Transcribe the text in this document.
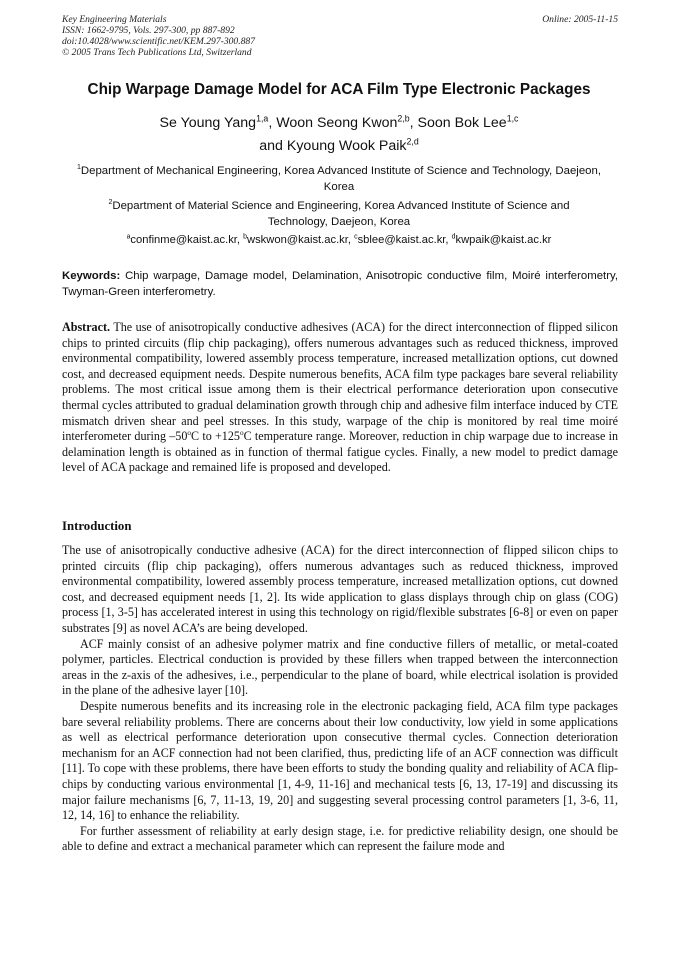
Key Engineering Materials
ISSN: 1662-9795, Vols. 297-300, pp 887-892
doi:10.4028/www.scientific.net/KEM.297-300.887
© 2005 Trans Tech Publications Ltd, Switzerland
Online: 2005-11-15
Chip Warpage Damage Model for ACA Film Type Electronic Packages
Se Young Yang$^{1,a}$, Woon Seong Kwon$^{2,b}$, Soon Bok Lee$^{1,c}$
and Kyoung Wook Paik$^{2,d}$
$^1$Department of Mechanical Engineering, Korea Advanced Institute of Science and Technology, Daejeon, Korea
$^2$Department of Material Science and Engineering, Korea Advanced Institute of Science and Technology, Daejeon, Korea
$^a$confinme@kaist.ac.kr, $^b$wskwon@kaist.ac.kr, $^c$sblee@kaist.ac.kr, $^d$kwpaik@kaist.ac.kr
Keywords: Chip warpage, Damage model, Delamination, Anisotropic conductive film, Moiré interferometry, Twyman-Green interferometry.
Abstract. The use of anisotropically conductive adhesives (ACA) for the direct interconnection of flipped silicon chips to printed circuits (flip chip packaging), offers numerous advantages such as reduced thickness, improved environmental compatibility, lowered assembly process temperature, increased metallization options, cut downed cost, and decreased equipment needs. Despite numerous benefits, ACA film type packages bare several reliability problems. The most critical issue among them is their electrical performance deterioration upon consecutive thermal cycles attributed to gradual delamination growth through chip and adhesive film interface induced by CTE mismatch driven shear and peel stresses. In this study, warpage of the chip is monitored by real time moiré interferometer during –50$^o$C to $+125^oC$ temperature range. Moreover, reduction in chip warpage due to increase in delamination length is obtained as in function of thermal fatigue cycles. Finally, a new model to predict damage level of ACA package and remained life is proposed and developed.
Introduction

The use of anisotropically conductive adhesive (ACA) for the direct interconnection of flipped silicon chips to printed circuits (flip chip packaging), offers numerous advantages such as reduced thickness, improved environmental compatibility, lowered assembly process temperature, increased metallization options, cut downed cost, and decreased equipment needs [1, 2]. Its wide application to glass displays through chip on glass (COG) process [1, 3-5] has accelerated interest in using this technology on rigid/flexible substrates [6-8] or even on paper substrates [9] as novel ACA’s are being developed.

ACF mainly consist of an adhesive polymer matrix and fine conductive fillers of metallic, or metal-coated polymer, particles. Electrical conduction is provided by these fillers when trapped between the interconnection areas in the z-axis of the adhesives, i.e., perpendicular to the plane of board, while electrical isolation is provided in the plane of the adhesive layer [10].

Despite numerous benefits and its increasing role in the electronic packaging field, ACA film type packages bare several reliability problems. There are concerns about their low conductivity, low yield in some applications as well as electrical performance deterioration upon consecutive thermal cycles. Connection deterioration mechanism for an ACF connection had not been clarified, thus, predicting life of an ACF connection was difficult [11]. To cope with these problems, there have been efforts to study the bonding quality and reliability of ACA flip-chips by conducting various environmental [1, 4-9, 11-16] and mechanical tests [6, 13, 17-19] and discussing its major failure mechanisms [6, 7, 11-13, 19, 20] and suggesting several processing control parameters [1, 3-6, 11, 12, 14, 16] to enhance the reliability.

For further assessment of reliability at early design stage, i.e. for predictive reliability design, one should be able to define and extract a mechanical parameter which can represent the failure mode and
